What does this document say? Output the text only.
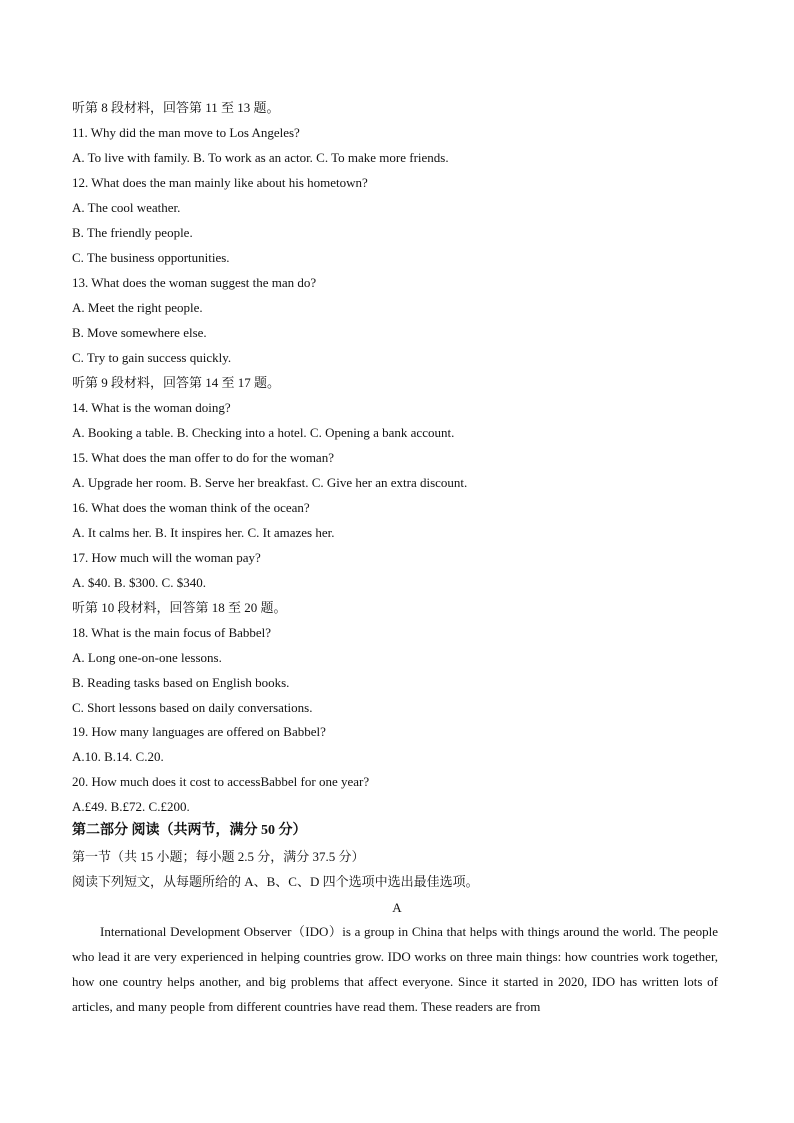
听第 8 段材料，回答第 11 至 13 题。
11. Why did the man move to Los Angeles?
A. To live with family. B. To work as an actor. C. To make more friends.
12. What does the man mainly like about his hometown?
A. The cool weather.
B. The friendly people.
C. The business opportunities.
13. What does the woman suggest the man do?
A. Meet the right people.
B. Move somewhere else.
C. Try to gain success quickly.
听第 9 段材料，回答第 14 至 17 题。
14. What is the woman doing?
A. Booking a table. B. Checking into a hotel. C. Opening a bank account.
15. What does the man offer to do for the woman?
A. Upgrade her room. B. Serve her breakfast. C. Give her an extra discount.
16. What does the woman think of the ocean?
A. It calms her. B. It inspires her. C. It amazes her.
17. How much will the woman pay?
A. $40. B. $300. C. $340.
听第 10 段材料，回答第 18 至 20 题。
18. What is the main focus of Babbel?
A. Long one-on-one lessons.
B. Reading tasks based on English books.
C. Short lessons based on daily conversations.
19. How many languages are offered on Babbel?
A.10. B.14. C.20.
20. How much does it cost to accessBabbel for one year?
A.£49. B.£72. C.£200.
第二部分 阅读（共两节，满分 50 分）
第一节（共 15 小题；每小题 2.5 分，满分 37.5 分）
阅读下列短文，从每题所给的 A、B、C、D 四个选项中选出最佳选项。
A
International Development Observer（IDO）is a group in China that helps with things around the world. The people who lead it are very experienced in helping countries grow. IDO works on three main things: how countries work together, how one country helps another, and big problems that affect everyone. Since it started in 2020, IDO has written lots of articles, and many people from different countries have read them. These readers are from
